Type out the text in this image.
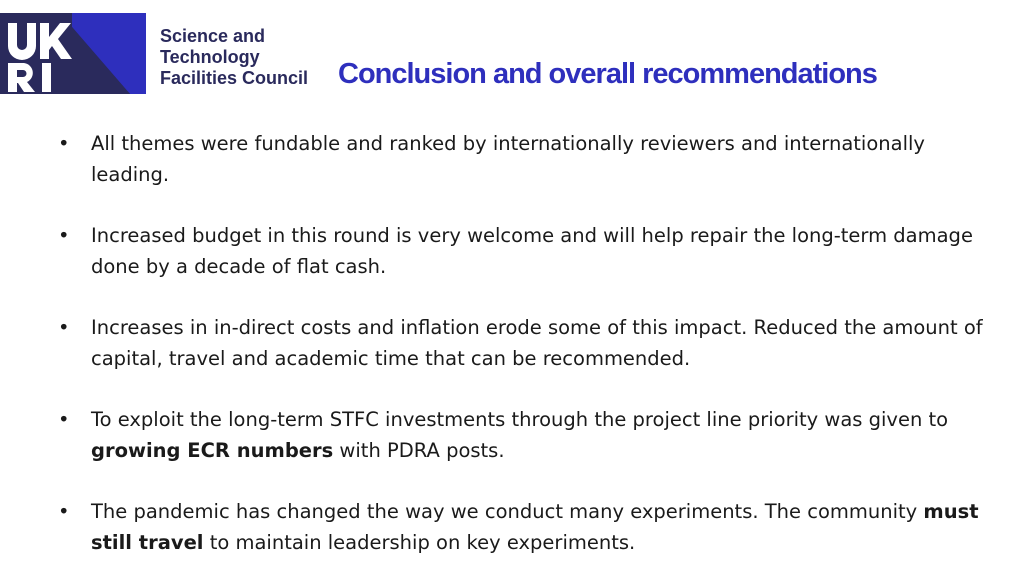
Science and
Technology
Facilities Council Conclusion and overall recommendations
•	All themes were fundable and ranked by internationally reviewers and internationally leading.
•	Increased budget in this round is very welcome and will help repair the long-term damage done by a decade of flat cash.
•	Increases in in-direct costs and inflation erode some of this impact. Reduced the amount of capital, travel and academic time that can be recommended.
•	To exploit the long-term STFC investments through the project line priority was given to growing ECR numbers with PDRA posts.
•	The pandemic has changed the way we conduct many experiments. The community must still travel to maintain leadership on key experiments.
